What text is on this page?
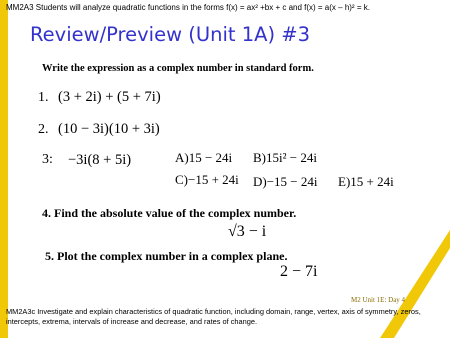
MM2A3 Students will analyze quadratic functions in the forms f(x) = ax² +bx + c and f(x) = a(x – h)² = k.
Review/Preview (Unit 1A) #3
Write the expression as a complex number in standard form.
1. (3 + 2i) + (5 + 7i)
2. (10 − 3i)(10 + 3i)
3: −3i(8 + 5i)	A)15 − 24i B)15i² − 24i
C)−15 + 24i D)−15 − 24i E)15 + 24i
4. Find the absolute value of the complex number.
√3 − i
5. Plot the complex number in a complex plane.
2 − 7i
M2 Unit 1E: Day 4
MM2A3c Investigate and explain characteristics of quadratic function, including domain, range, vertex, axis of symmetry, zeros, intercepts, extrema, intervals of increase and decrease, and rates of change.
